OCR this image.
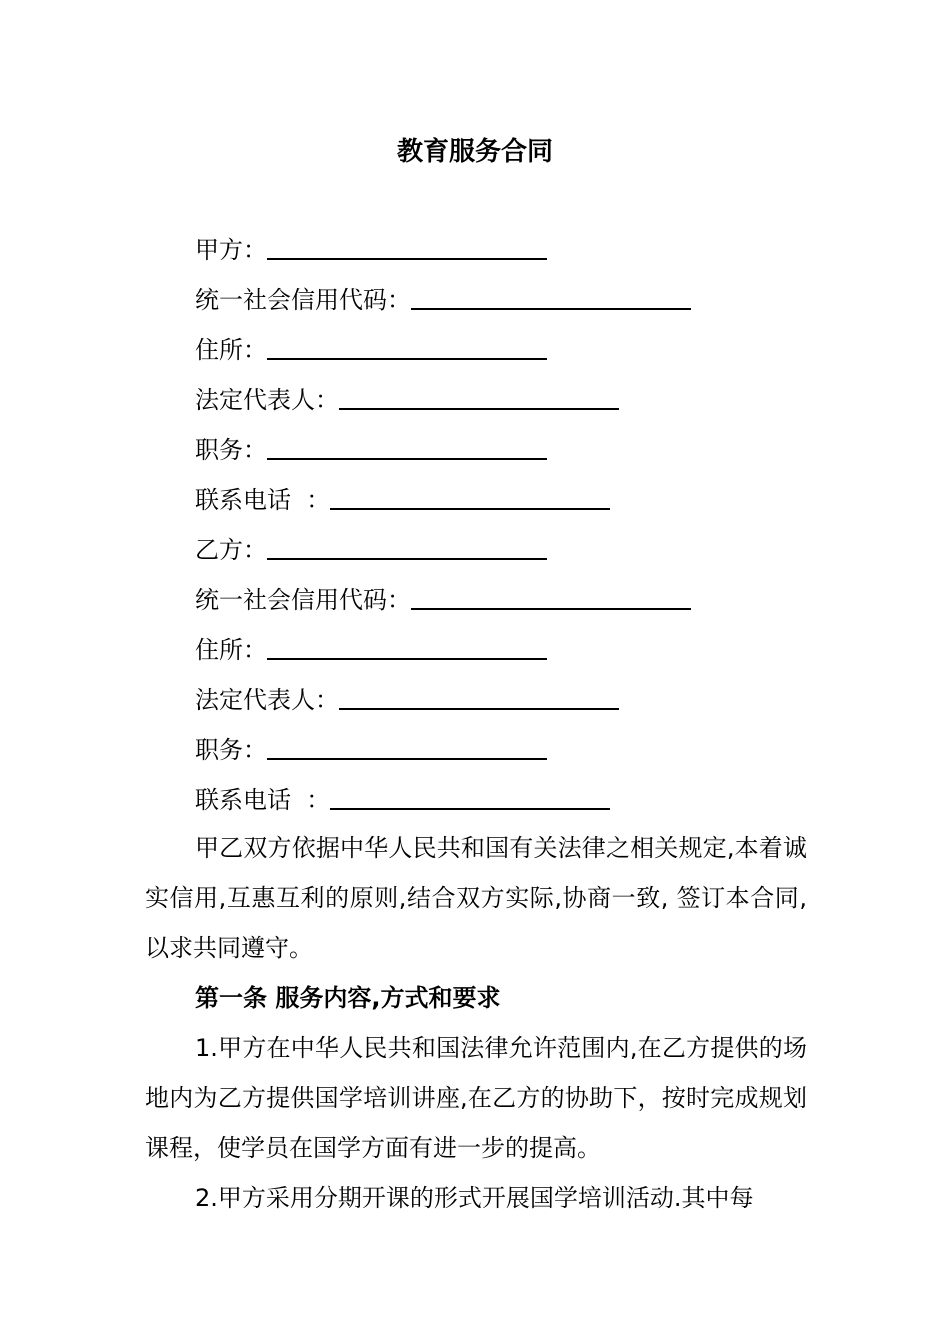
教育服务合同
甲方：
统一社会信用代码：
住所：
法定代表人：
职务：
联系电话  ：
乙方：
统一社会信用代码：
住所：
法定代表人：
职务：
联系电话  ：
甲乙双方依据中华人民共和国有关法律之相关规定,本着诚实信用,互惠互利的原则,结合双方实际,协商一致, 签订本合同,以求共同遵守。
第一条 服务内容,方式和要求
1.甲方在中华人民共和国法律允许范围内,在乙方提供的场地内为乙方提供国学培训讲座,在乙方的协助下，按时完成规划课程，使学员在国学方面有进一步的提高。
2.甲方采用分期开课的形式开展国学培训活动.其中每
